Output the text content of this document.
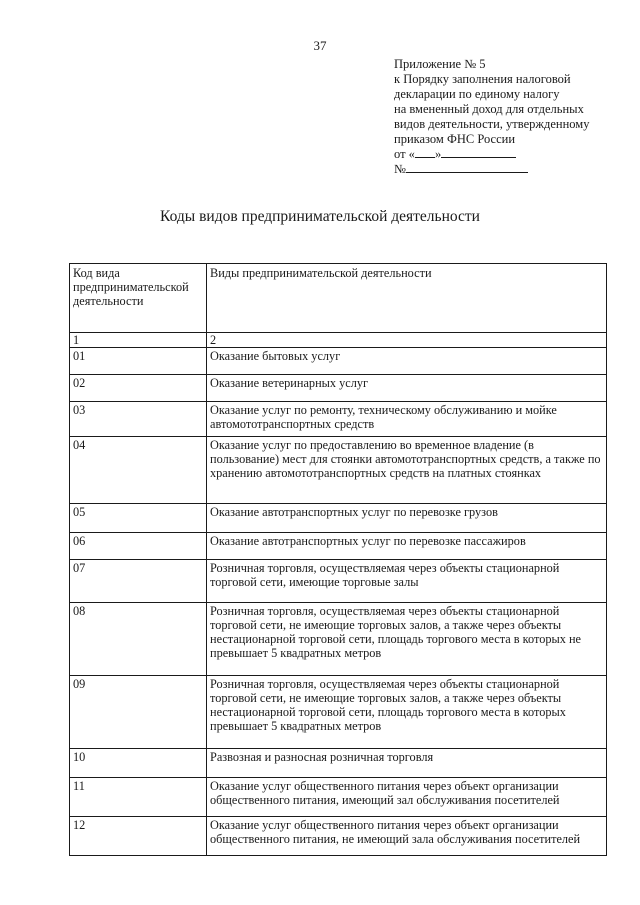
37
Приложение № 5
к Порядку заполнения налоговой
декларации по единому налогу
на вмененный доход для отдельных
видов деятельности, утвержденному
приказом ФНС России
от « »
№
Коды видов предпринимательской деятельности
Код вида предпринимательской деятельности	Виды предпринимательской деятельности
1	2
01	Оказание бытовых услуг
02	Оказание ветеринарных услуг
03	Оказание услуг по ремонту, техническому обслуживанию и мойке автомототранспортных средств
04	Оказание услуг по предоставлению во временное владение (в пользование) мест для стоянки автомототранспортных средств, а также по хранению автомототранспортных средств на платных стоянках
05	Оказание автотранспортных услуг по перевозке грузов
06	Оказание автотранспортных услуг по перевозке пассажиров
07	Розничная торговля, осуществляемая через объекты стационарной торговой сети, имеющие торговые залы
08	Розничная торговля, осуществляемая через объекты стационарной торговой сети, не имеющие торговых залов, а также через объекты нестационарной торговой сети, площадь торгового места в которых не превышает 5 квадратных метров
09	Розничная торговля, осуществляемая через объекты стационарной торговой сети, не имеющие торговых залов, а также через объекты нестационарной торговой сети, площадь торгового места в которых превышает 5 квадратных метров
10	Развозная и разносная розничная торговля
11	Оказание услуг общественного питания через объект организации общественного питания, имеющий зал обслуживания посетителей
12	Оказание услуг общественного питания через объект организации общественного питания, не имеющий зала обслуживания посетителей
